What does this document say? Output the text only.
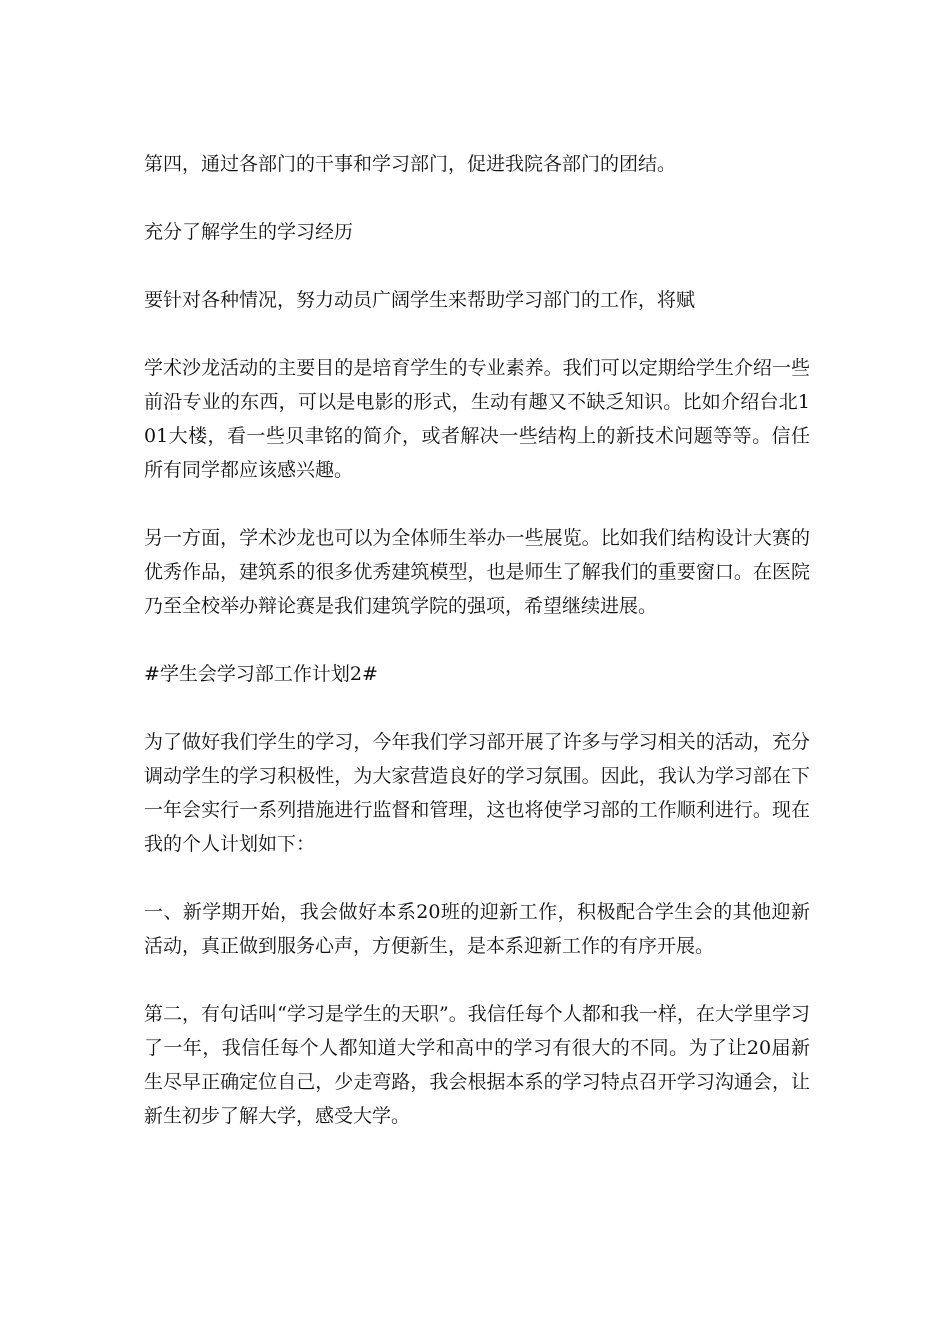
第四，通过各部门的干事和学习部门，促进我院各部门的团结。

充分了解学生的学习经历

要针对各种情况，努力动员广阔学生来帮助学习部门的工作，将赋

学术沙龙活动的主要目的是培育学生的专业素养。我们可以定期给学生介绍一些前沿专业的东西，可以是电影的形式，生动有趣又不缺乏知识。比如介绍台北101大楼，看一些贝聿铭的简介，或者解决一些结构上的新技术问题等等。信任所有同学都应该感兴趣。

另一方面，学术沙龙也可以为全体师生举办一些展览。比如我们结构设计大赛的优秀作品，建筑系的很多优秀建筑模型，也是师生了解我们的重要窗口。在医院乃至全校举办辩论赛是我们建筑学院的强项，希望继续进展。

#学生会学习部工作计划2#

为了做好我们学生的学习，今年我们学习部开展了许多与学习相关的活动，充分调动学生的学习积极性，为大家营造良好的学习氛围。因此，我认为学习部在下一年会实行一系列措施进行监督和管理，这也将使学习部的工作顺利进行。现在我的个人计划如下：

一、新学期开始，我会做好本系20班的迎新工作，积极配合学生会的其他迎新活动，真正做到服务心声，方便新生，是本系迎新工作的有序开展。

第二，有句话叫“学习是学生的天职”。我信任每个人都和我一样，在大学里学习了一年，我信任每个人都知道大学和高中的学习有很大的不同。为了让20届新生尽早正确定位自己，少走弯路，我会根据本系的学习特点召开学习沟通会，让新生初步了解大学，感受大学。
